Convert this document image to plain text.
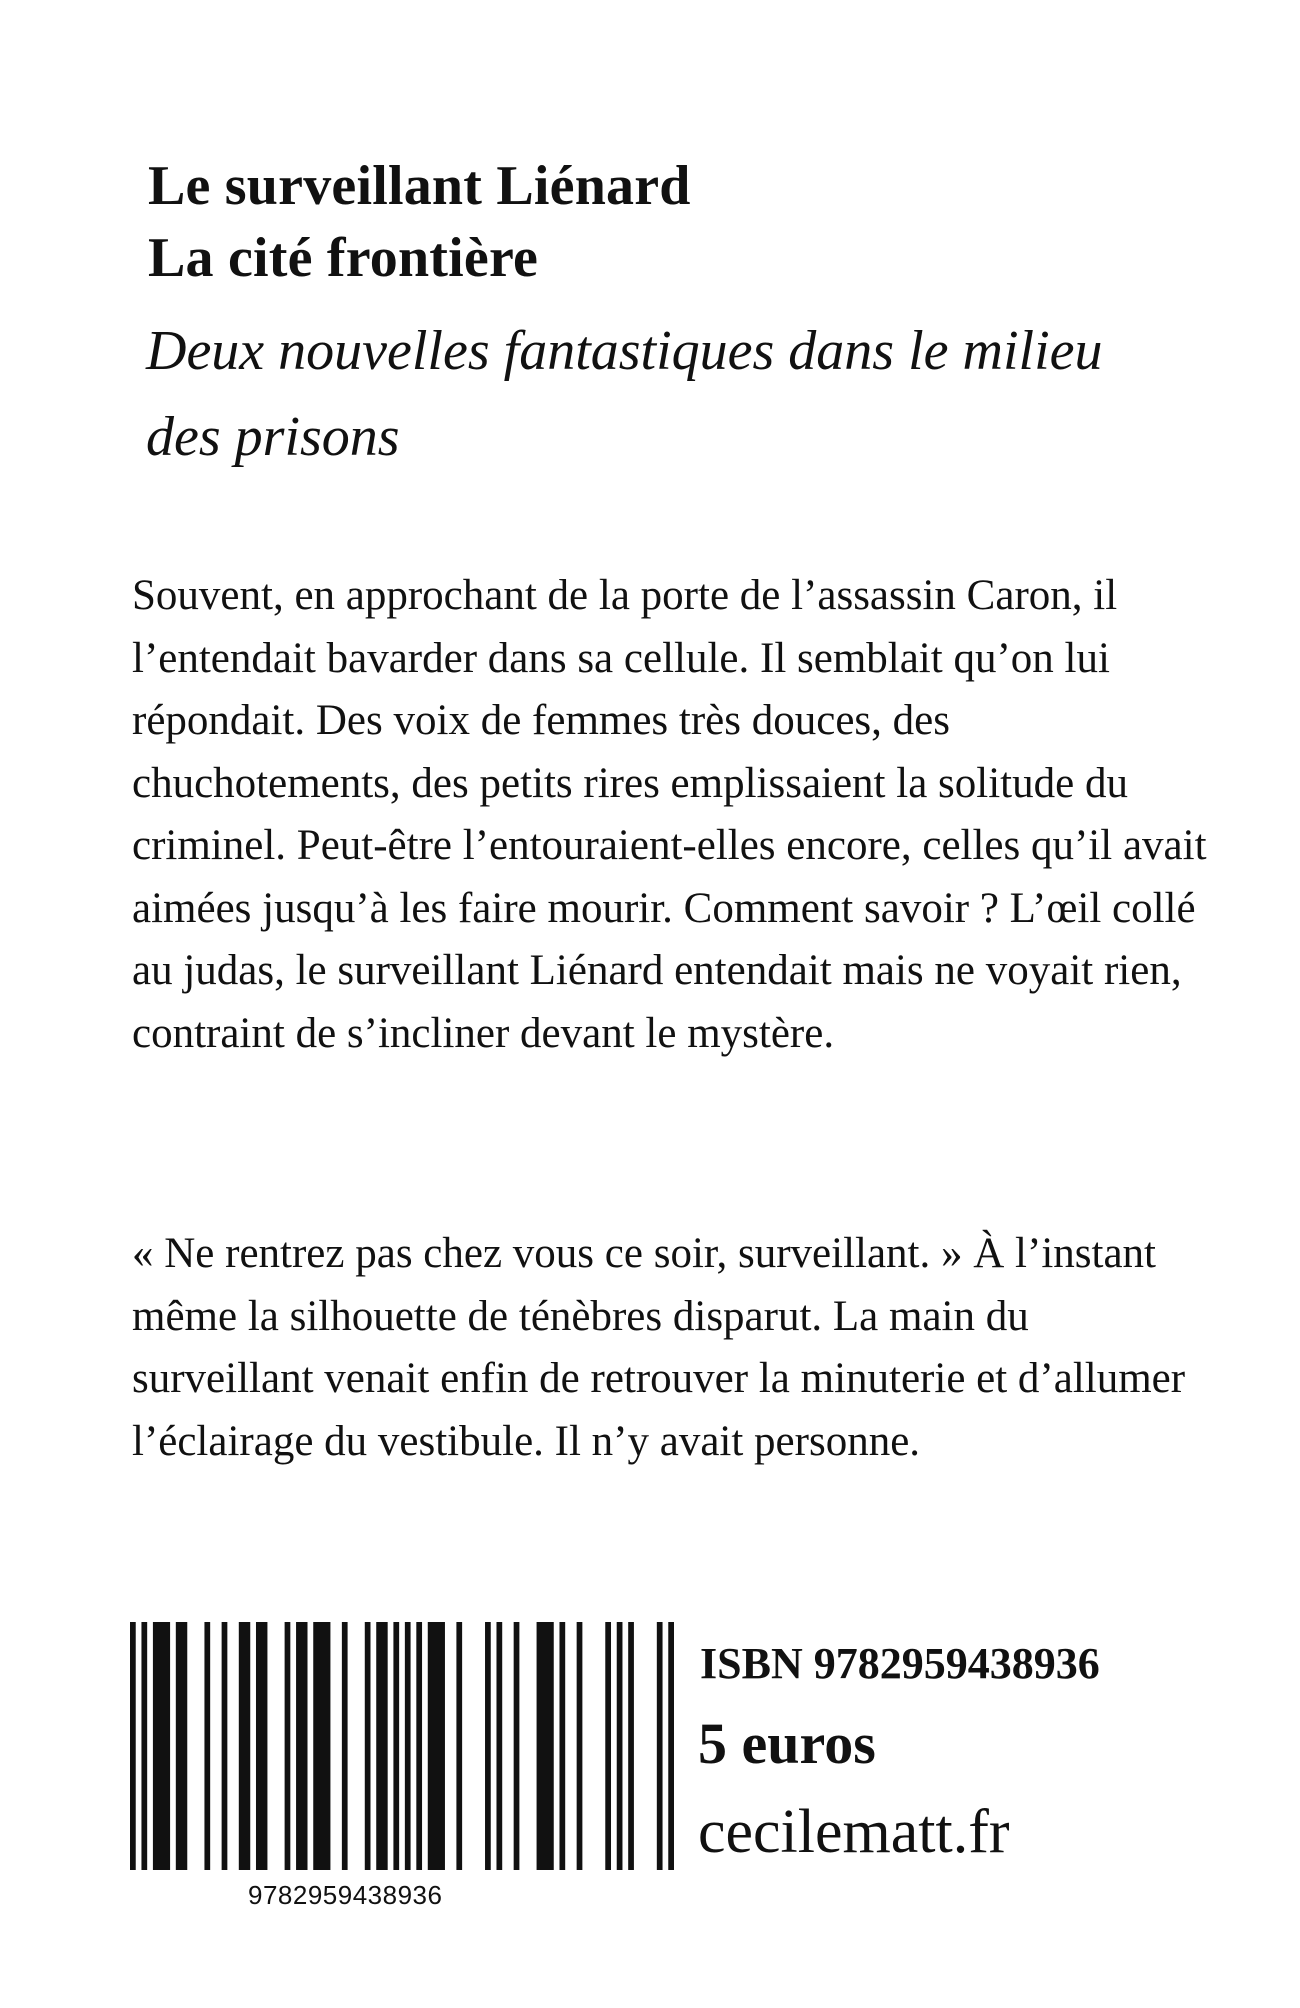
Le surveillant Liénard
La cité frontière
Deux nouvelles fantastiques dans le milieu des prisons

Souvent, en approchant de la porte de l’assassin Caron, il l’entendait bavarder dans sa cellule. Il semblait qu’on lui répondait. Des voix de femmes très douces, des chuchotements, des petits rires emplissaient la solitude du criminel. Peut-être l’entouraient-elles encore, celles qu’il avait aimées jusqu’à les faire mourir. Comment savoir ? L’œil collé au judas, le surveillant Liénard entendait mais ne voyait rien, contraint de s’incliner devant le mystère.

« Ne rentrez pas chez vous ce soir, surveillant. » À l’instant même la silhouette de ténèbres disparut. La main du surveillant venait enfin de retrouver la minuterie et d’allumer l’éclairage du vestibule. Il n’y avait personne.

9782959438936
ISBN 9782959438936
5 euros
cecilematt.fr
